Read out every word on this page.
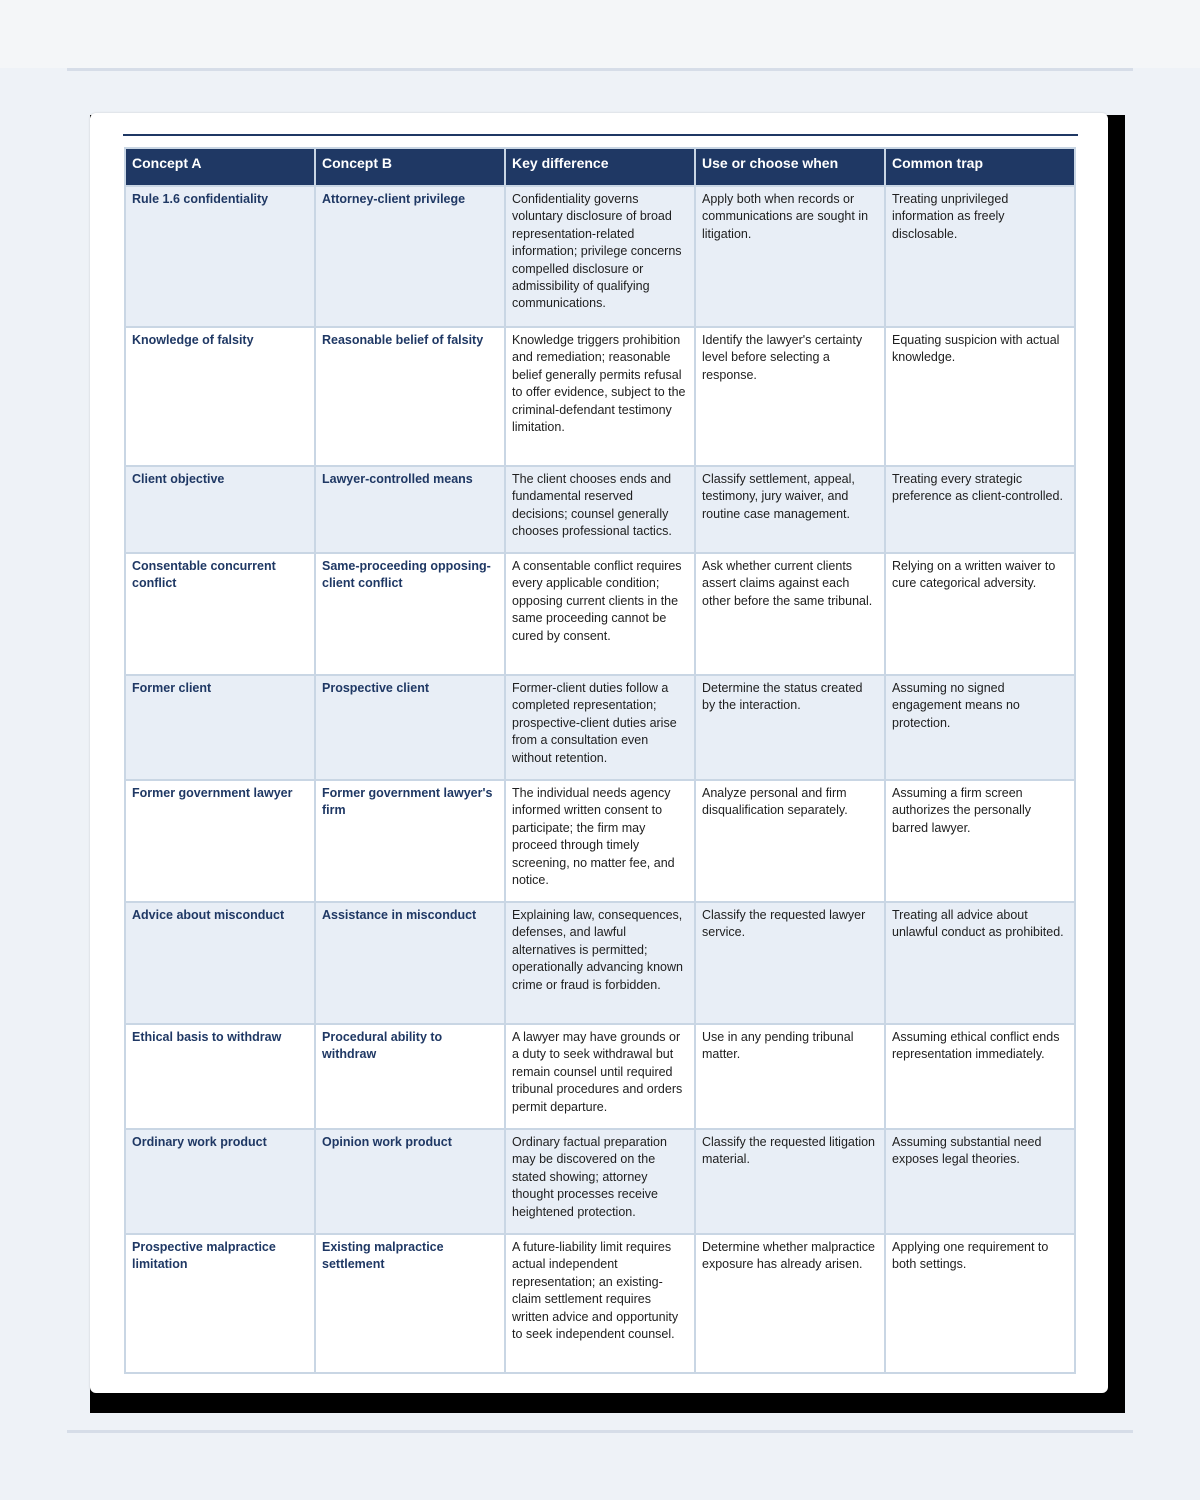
Concept A	Concept B	Key difference	Use or choose when	Common trap
Rule 1.6 confidentiality	Attorney-client privilege	Confidentiality governs voluntary disclosure of broad representation-related information; privilege concerns compelled disclosure or admissibility of qualifying communications.	Apply both when records or communications are sought in litigation.	Treating unprivileged information as freely disclosable.
Knowledge of falsity	Reasonable belief of falsity	Knowledge triggers prohibition and remediation; reasonable belief generally permits refusal to offer evidence, subject to the criminal-defendant testimony limitation.	Identify the lawyer's certainty level before selecting a response.	Equating suspicion with actual knowledge.
Client objective	Lawyer-controlled means	The client chooses ends and fundamental reserved decisions; counsel generally chooses professional tactics.	Classify settlement, appeal, testimony, jury waiver, and routine case management.	Treating every strategic preference as client-controlled.
Consentable concurrent conflict	Same-proceeding opposing-client conflict	A consentable conflict requires every applicable condition; opposing current clients in the same proceeding cannot be cured by consent.	Ask whether current clients assert claims against each other before the same tribunal.	Relying on a written waiver to cure categorical adversity.
Former client	Prospective client	Former-client duties follow a completed representation; prospective-client duties arise from a consultation even without retention.	Determine the status created by the interaction.	Assuming no signed engagement means no protection.
Former government lawyer	Former government lawyer's firm	The individual needs agency informed written consent to participate; the firm may proceed through timely screening, no matter fee, and notice.	Analyze personal and firm disqualification separately.	Assuming a firm screen authorizes the personally barred lawyer.
Advice about misconduct	Assistance in misconduct	Explaining law, consequences, defenses, and lawful alternatives is permitted; operationally advancing known crime or fraud is forbidden.	Classify the requested lawyer service.	Treating all advice about unlawful conduct as prohibited.
Ethical basis to withdraw	Procedural ability to withdraw	A lawyer may have grounds or a duty to seek withdrawal but remain counsel until required tribunal procedures and orders permit departure.	Use in any pending tribunal matter.	Assuming ethical conflict ends representation immediately.
Ordinary work product	Opinion work product	Ordinary factual preparation may be discovered on the stated showing; attorney thought processes receive heightened protection.	Classify the requested litigation material.	Assuming substantial need exposes legal theories.
Prospective malpractice limitation	Existing malpractice settlement	A future-liability limit requires actual independent representation; an existing-claim settlement requires written advice and opportunity to seek independent counsel.	Determine whether malpractice exposure has already arisen.	Applying one requirement to both settings.
